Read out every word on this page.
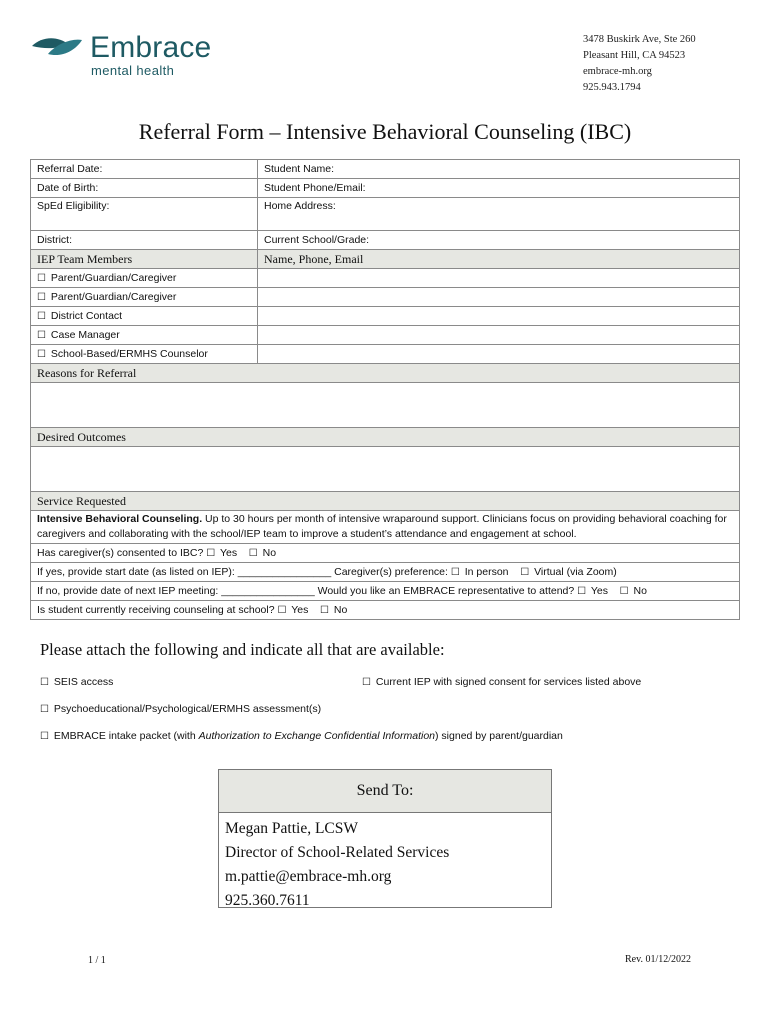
Embrace
mental health
3478 Buskirk Ave, Ste 260
Pleasant Hill, CA 94523
embrace-mh.org
925.943.1794
Referral Form – Intensive Behavioral Counseling (IBC)
Referral Date:	Student Name:
Date of Birth:	Student Phone/Email:
SpEd Eligibility:	Home Address:
District:	Current School/Grade:
IEP Team Members	Name, Phone, Email
☐ Parent/Guardian/Caregiver	
☐ Parent/Guardian/Caregiver	
☐ District Contact	
☐ Case Manager	
☐ School-Based/ERMHS Counselor	
Reasons for Referral	

Desired Outcomes	

Service Requested	
Intensive Behavioral Counseling. Up to 30 hours per month of intensive wraparound support. Clinicians focus on providing behavioral coaching for caregivers and collaborating with the school/IEP team to improve a student’s attendance and engagement at school.	
Has caregiver(s) consented to IBC? ☐ Yes ☐ No	
If yes, provide start date (as listed on IEP): ________________ Caregiver(s) preference: ☐ In person ☐ Virtual (via Zoom)	
If no, provide date of next IEP meeting: ________________ Would you like an EMBRACE representative to attend? ☐ Yes ☐ No	
Is student currently receiving counseling at school? ☐ Yes ☐ No	
Please attach the following and indicate all that are available:
☐ SEIS access	☐ Current IEP with signed consent for services listed above
☐ Psychoeducational/Psychological/ERMHS assessment(s)
☐ EMBRACE intake packet (with Authorization to Exchange Confidential Information) signed by parent/guardian
Send To:
Megan Pattie, LCSW
Director of School-Related Services
m.pattie@embrace-mh.org
925.360.7611
1 / 1	Rev. 01/12/2022
